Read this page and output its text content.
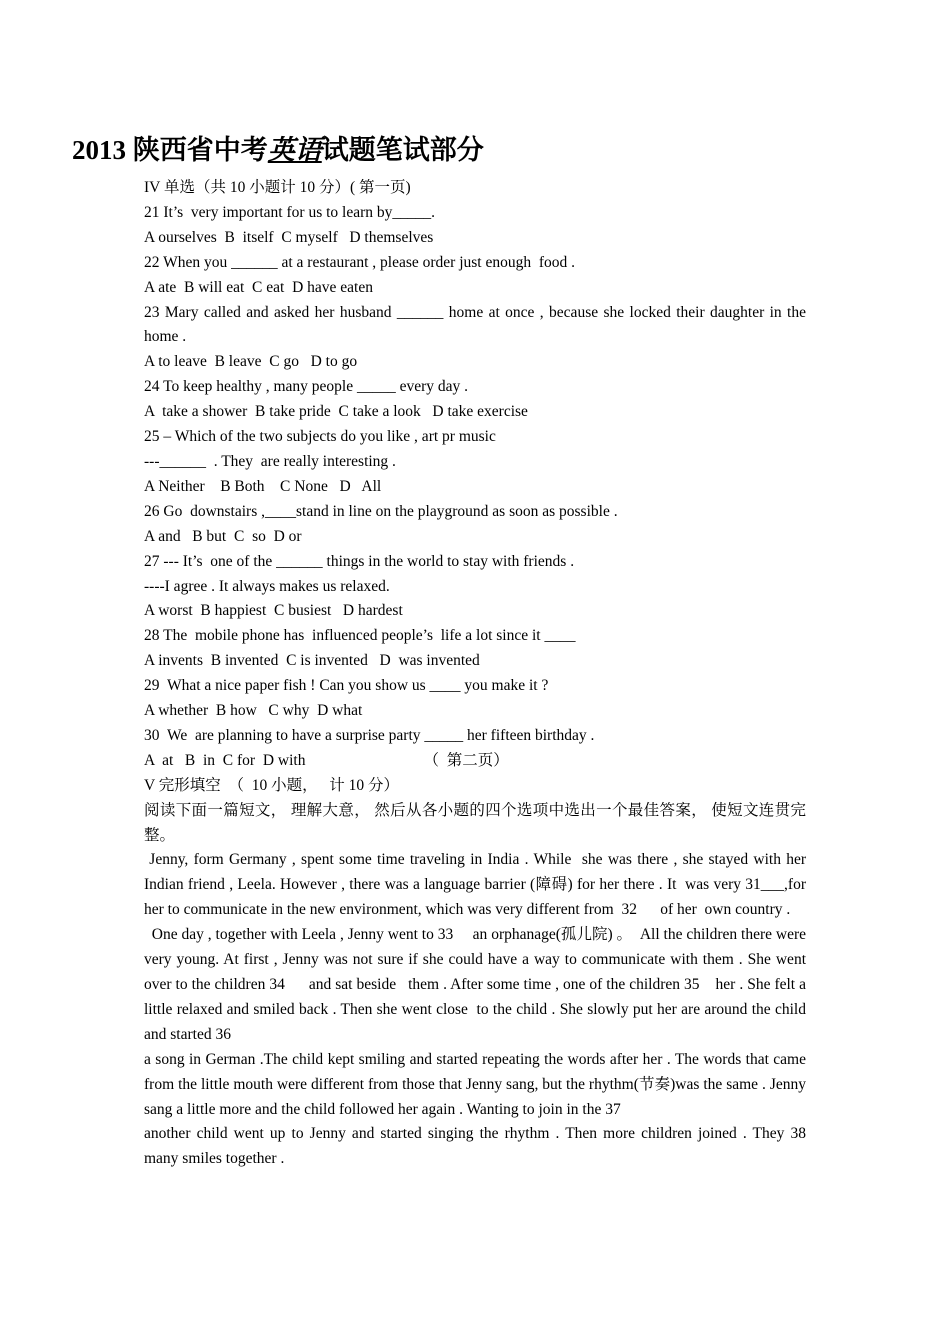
2013 陕西省中考英语试题笔试部分

IV 单选（共 10 小题计 10 分）( 第一页)

21 It’s  very important for us to learn by_____.

A ourselves  B  itself  C myself   D themselves

22 When you ______ at a restaurant , please order just enough  food .

A ate  B will eat  C eat  D have eaten

23 Mary called and asked her husband ______ home at once , because she locked their daughter in the home .

A to leave  B leave  C go   D to go

24 To keep healthy , many people _____ every day .

A  take a shower  B take pride  C take a look   D take exercise

25 – Which of the two subjects do you like , art pr music

---______  . They  are really interesting .

A Neither    B Both    C None   D   All

26 Go  downstairs ,____stand in line on the playground as soon as possible .

A and   B but  C  so  D or

27 --- It’s  one of the ______ things in the world to stay with friends .

----I agree . It always makes us relaxed.

A worst  B happiest  C busiest   D hardest

28 The  mobile phone has  influenced people’s  life a lot since it ____

A invents  B invented  C is invented   D  was invented

29  What a nice paper fish ! Can you show us ____ you make it ?

A whether  B how   C why  D what

30  We  are planning to have a surprise party _____ her fifteen birthday .

A  at   B  in  C for  D with	（  第二页）

V 完形填空  （  10 小题，   计 10 分）

阅读下面一篇短文， 理解大意， 然后从各小题的四个选项中选出一个最佳答案， 使短文连贯完整。

Jenny, form Germany , spent some time traveling in India . While  she was there , she stayed with her Indian friend , Leela. However , there was a language barrier (障碍) for her there . It  was very 31___,for her to communicate in the new environment, which was very different from  32      of her  own country .

One day , together with Leela , Jenny went to 33     an orphanage(孤儿院) 。  All the children there were very young. At first , Jenny was not sure if she could have a way to communicate with them . She went over to the children 34      and sat beside   them . After some time , one of the children 35    her . She felt a little relaxed and smiled back . Then she went close  to the child . She slowly put her are around the child and started 36

a song in German .The child kept smiling and started repeating the words after her . The words that came from the little mouth were different from those that Jenny sang, but the rhythm(节奏)was the same . Jenny sang a little more and the child followed her again . Wanting to join in the 37

another child went up to Jenny and started singing the rhythm . Then more children joined . They 38    many smiles together .
